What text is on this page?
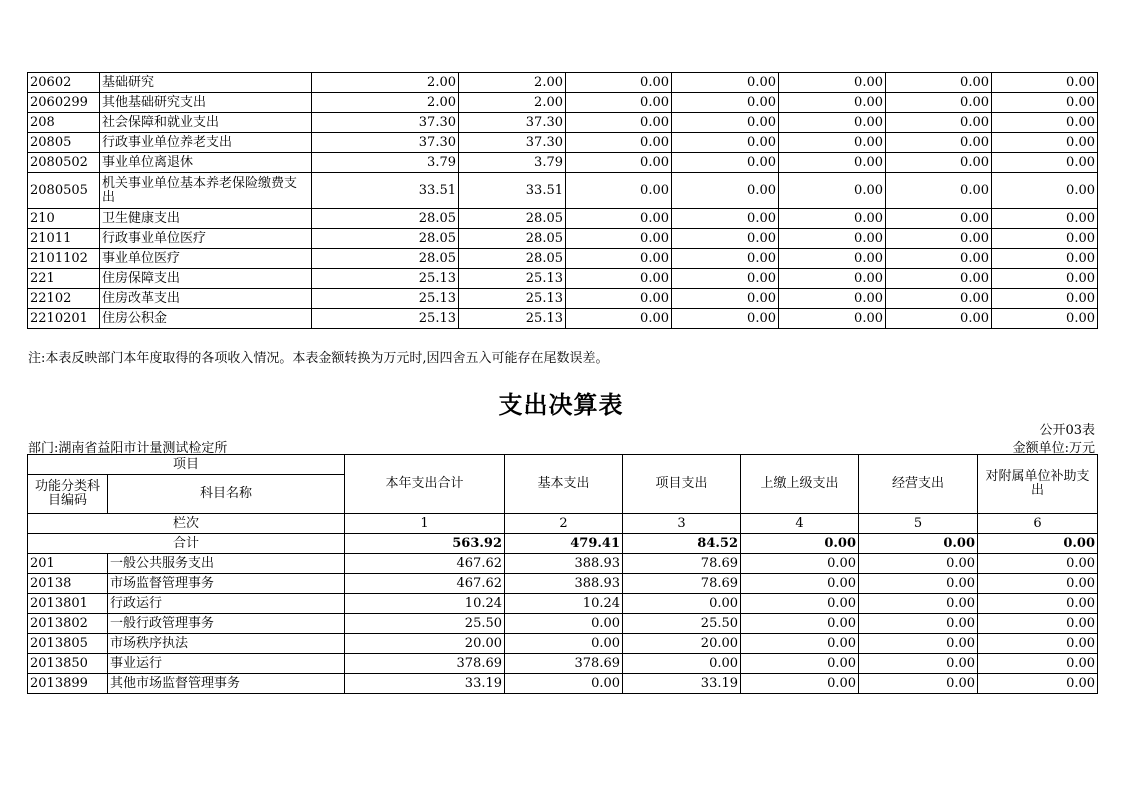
20602	基础研究	2.00	2.00	0.00	0.00	0.00	0.00	0.00
2060299	其他基础研究支出	2.00	2.00	0.00	0.00	0.00	0.00	0.00
208	社会保障和就业支出	37.30	37.30	0.00	0.00	0.00	0.00	0.00
20805	行政事业单位养老支出	37.30	37.30	0.00	0.00	0.00	0.00	0.00
2080502	事业单位离退休	3.79	3.79	0.00	0.00	0.00	0.00	0.00
2080505	机关事业单位基本养老保险缴费支出	33.51	33.51	0.00	0.00	0.00	0.00	0.00
210	卫生健康支出	28.05	28.05	0.00	0.00	0.00	0.00	0.00
21011	行政事业单位医疗	28.05	28.05	0.00	0.00	0.00	0.00	0.00
2101102	事业单位医疗	28.05	28.05	0.00	0.00	0.00	0.00	0.00
221	住房保障支出	25.13	25.13	0.00	0.00	0.00	0.00	0.00
22102	住房改革支出	25.13	25.13	0.00	0.00	0.00	0.00	0.00
2210201	住房公积金	25.13	25.13	0.00	0.00	0.00	0.00	0.00
注:本表反映部门本年度取得的各项收入情况。本表金额转换为万元时,因四舍五入可能存在尾数误差。
支出决算表
公开03表
部门:湖南省益阳市计量测试检定所	金额单位:万元
项目		本年支出合计	基本支出	项目支出	上缴上级支出	经营支出	对附属单位补助支出
功能分类科目编码	科目名称						
栏次		1	2	3	4	5	6
合计		563.92	479.41	84.52	0.00	0.00	0.00
201	一般公共服务支出	467.62	388.93	78.69	0.00	0.00	0.00
20138	市场监督管理事务	467.62	388.93	78.69	0.00	0.00	0.00
2013801	行政运行	10.24	10.24	0.00	0.00	0.00	0.00
2013802	一般行政管理事务	25.50	0.00	25.50	0.00	0.00	0.00
2013805	市场秩序执法	20.00	0.00	20.00	0.00	0.00	0.00
2013850	事业运行	378.69	378.69	0.00	0.00	0.00	0.00
2013899	其他市场监督管理事务	33.19	0.00	33.19	0.00	0.00	0.00
